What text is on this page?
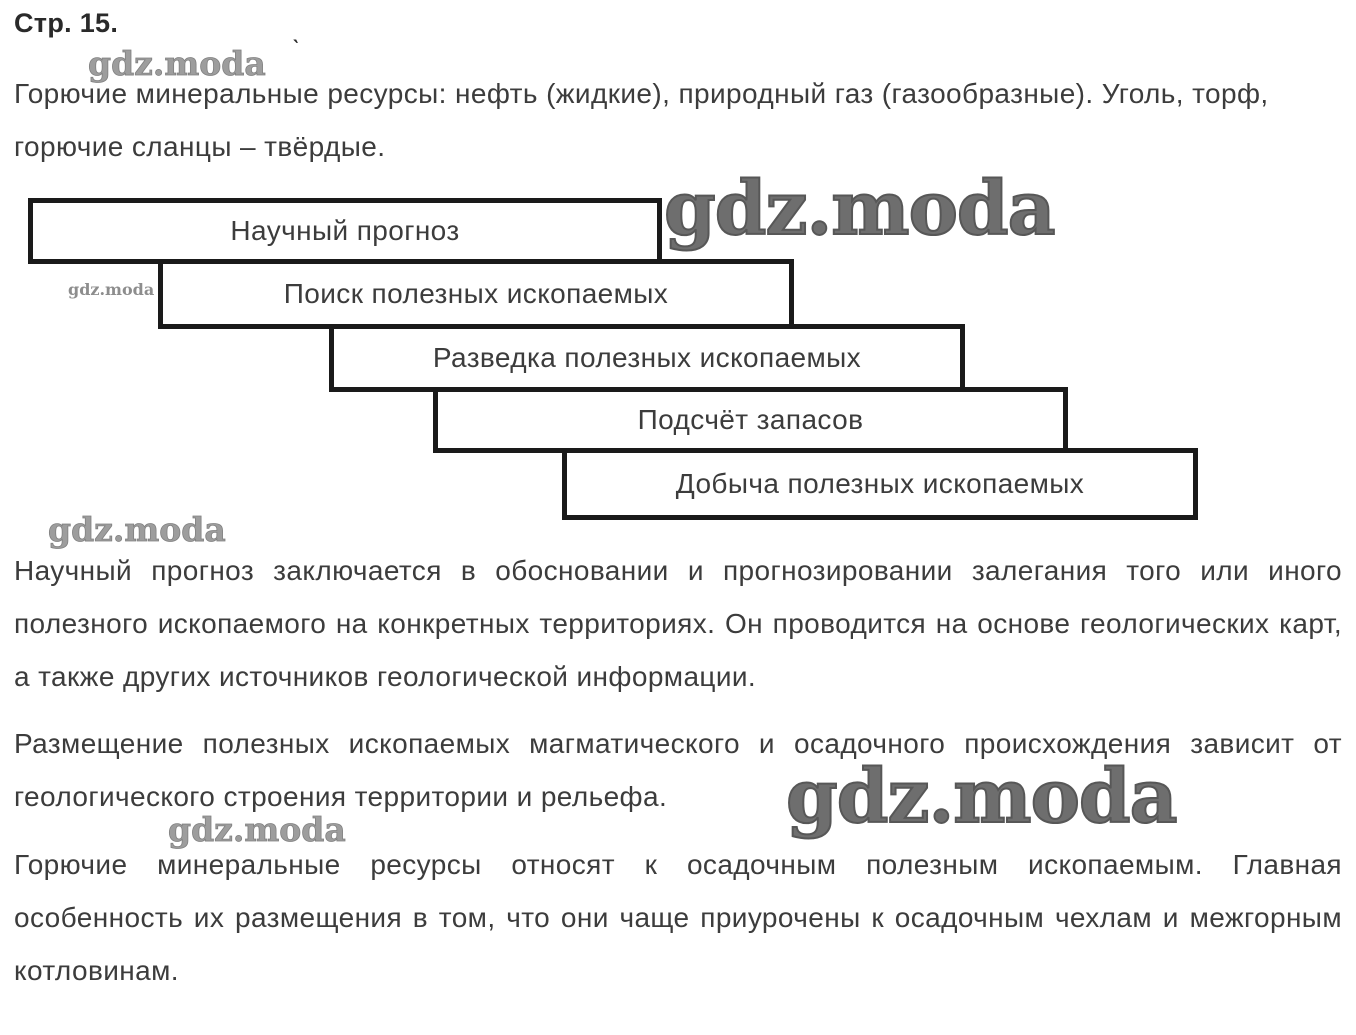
Стр. 15.	ˎ

Горючие минеральные ресурсы: нефть (жидкие), природный газ (газообразные). Уголь, торф, горючие сланцы – твёрдые.

Научный прогноз
Поиск полезных ископаемых
Разведка полезных ископаемых
Подсчёт запасов
Добыча полезных ископаемых

Научный прогноз заключается в обосновании и прогнозировании залегания того или иного полезного ископаемого на конкретных территориях. Он проводится на основе геологических карт, а также других источников геологической информации.

Размещение полезных ископаемых магматического и осадочного происхождения зависит от геологического строения территории и рельефа.

Горючие минеральные ресурсы относят к осадочным полезным ископаемым. Главная особенность их размещения в том, что они чаще приурочены к осадочным чехлам и межгорным котловинам.

gdz.moda
gdz.moda
gdz.moda
gdz.moda
gdz.moda
gdz.moda
